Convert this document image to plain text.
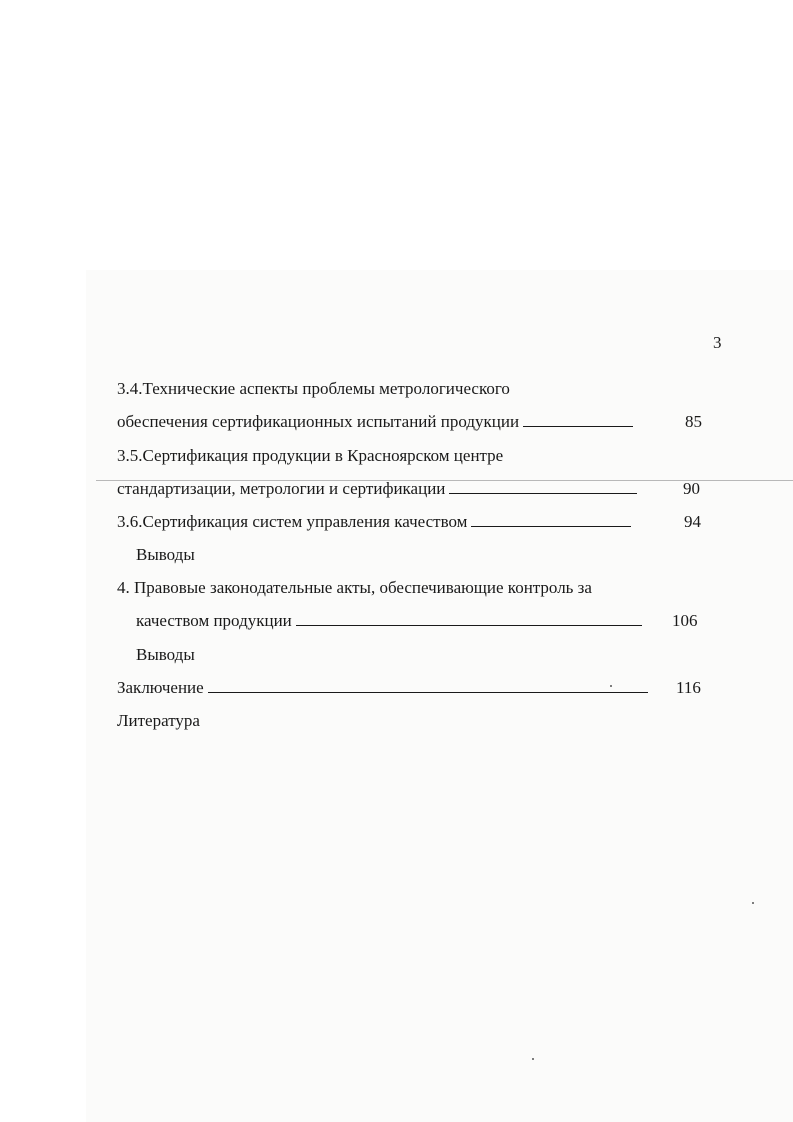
3
3.4.Технические аспекты проблемы метрологического
обеспечения сертификационных испытаний продукции	85
3.5.Сертификация продукции в Красноярском центре
стандартизации, метрологии и сертификации	90
3.6.Сертификация систем управления качеством	94
Выводы
4. Правовые законодательные акты, обеспечивающие контроль за
качеством продукции	106
Выводы
Заключение	116
Литература
